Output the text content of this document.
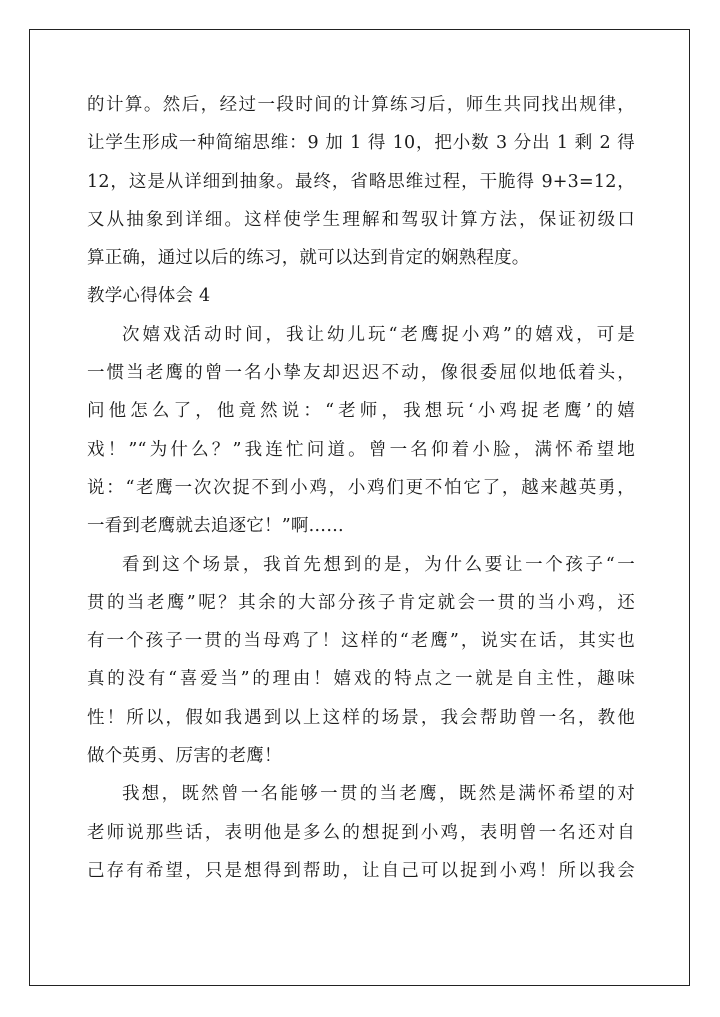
的计算。然后，经过一段时间的计算练习后，师生共同找出规律，
让学生形成一种简缩思维：9 加 1 得 10，把小数 3 分出 1 剩 2 得
12，这是从详细到抽象。最终，省略思维过程，干脆得 9+3=12，
又从抽象到详细。这样使学生理解和驾驭计算方法，保证初级口
算正确，通过以后的练习，就可以达到肯定的娴熟程度。
教学心得体会 4
次嬉戏活动时间，我让幼儿玩“老鹰捉小鸡”的嬉戏，可是
一惯当老鹰的曾一名小挚友却迟迟不动，像很委屈似地低着头，
问他怎么了，他竟然说：“老师，我想玩‘小鸡捉老鹰’的嬉
戏！”“为什么？”我连忙问道。曾一名仰着小脸，满怀希望地
说：“老鹰一次次捉不到小鸡，小鸡们更不怕它了，越来越英勇，
一看到老鹰就去追逐它！”啊……
看到这个场景，我首先想到的是，为什么要让一个孩子“一
贯的当老鹰”呢？其余的大部分孩子肯定就会一贯的当小鸡，还
有一个孩子一贯的当母鸡了！这样的“老鹰”，说实在话，其实也
真的没有“喜爱当”的理由！嬉戏的特点之一就是自主性，趣味
性！所以，假如我遇到以上这样的场景，我会帮助曾一名，教他
做个英勇、厉害的老鹰！
我想，既然曾一名能够一贯的当老鹰，既然是满怀希望的对
老师说那些话，表明他是多么的想捉到小鸡，表明曾一名还对自
己存有希望，只是想得到帮助，让自己可以捉到小鸡！所以我会
